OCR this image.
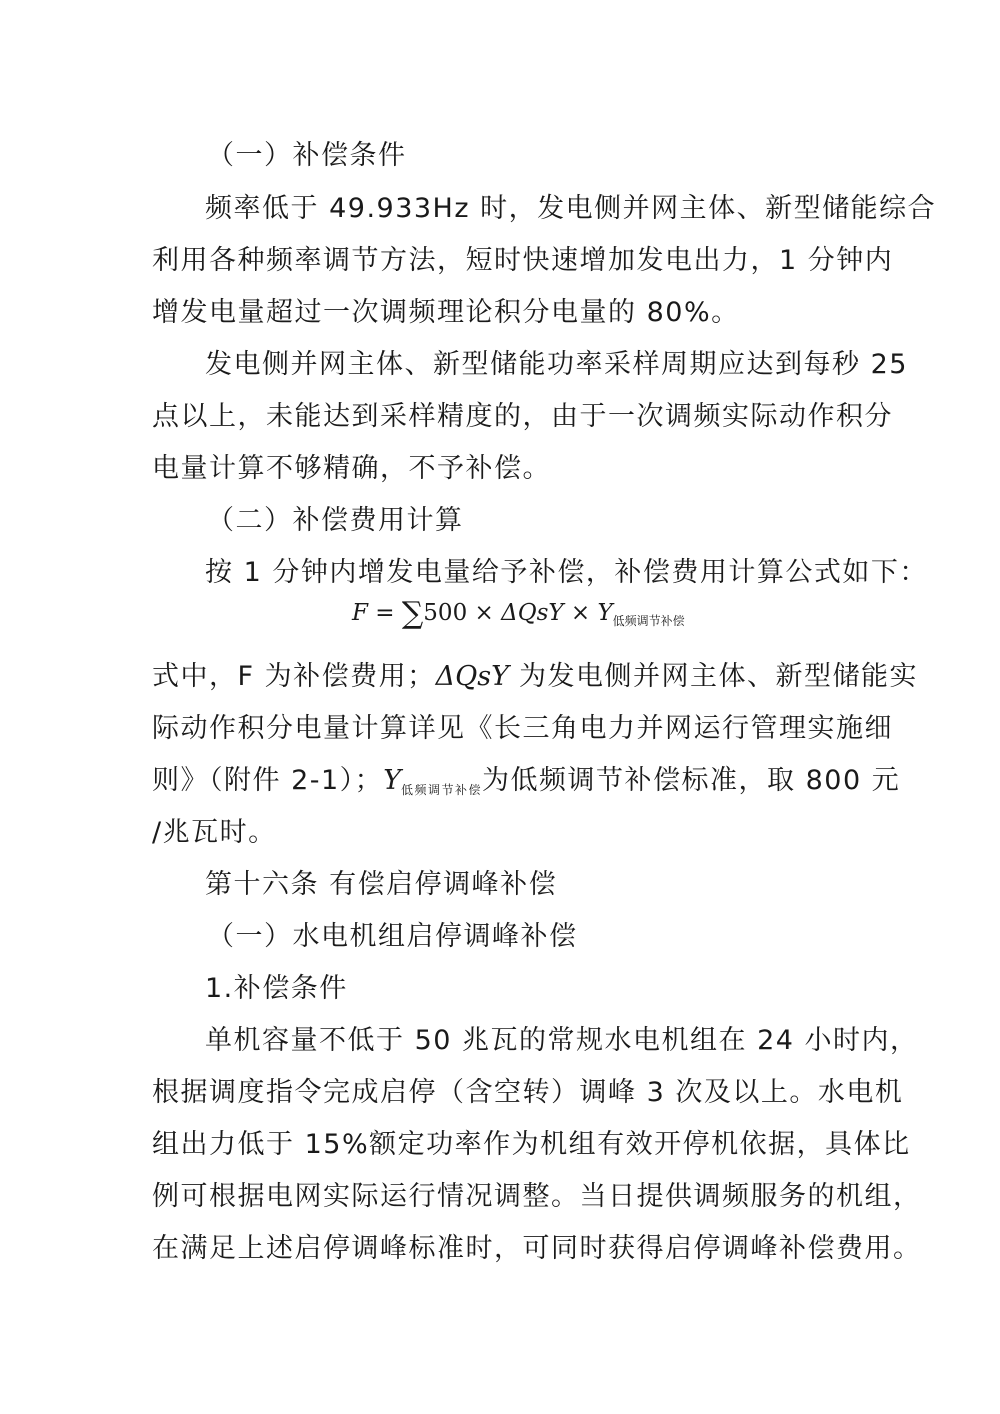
（一）补偿条件

频率低于 49.933Hz 时，发电侧并网主体、新型储能综合

利用各种频率调节方法，短时快速增加发电出力，1 分钟内

增发电量超过一次调频理论积分电量的 80%。

发电侧并网主体、新型储能功率采样周期应达到每秒 25

点以上，未能达到采样精度的，由于一次调频实际动作积分

电量计算不够精确，不予补偿。

（二）补偿费用计算

按 1 分钟内增发电量给予补偿，补偿费用计算公式如下：

$F = \sum 500 \times \Delta QsY \times Y_{低频调节补偿}$

式中，F 为补偿费用；ΔQsY 为发电侧并网主体、新型储能实

际动作积分电量计算详见《长三角电力并网运行管理实施细

则》（附件 2-1）；$Y_{低频调节补偿}$为低频调节补偿标准，取 800 元

/兆瓦时。

第十六条 有偿启停调峰补偿

（一）水电机组启停调峰补偿

1.补偿条件

单机容量不低于 50 兆瓦的常规水电机组在 24 小时内，

根据调度指令完成启停（含空转）调峰 3 次及以上。水电机

组出力低于 15%额定功率作为机组有效开停机依据，具体比

例可根据电网实际运行情况调整。当日提供调频服务的机组，

在满足上述启停调峰标准时，可同时获得启停调峰补偿费用。
